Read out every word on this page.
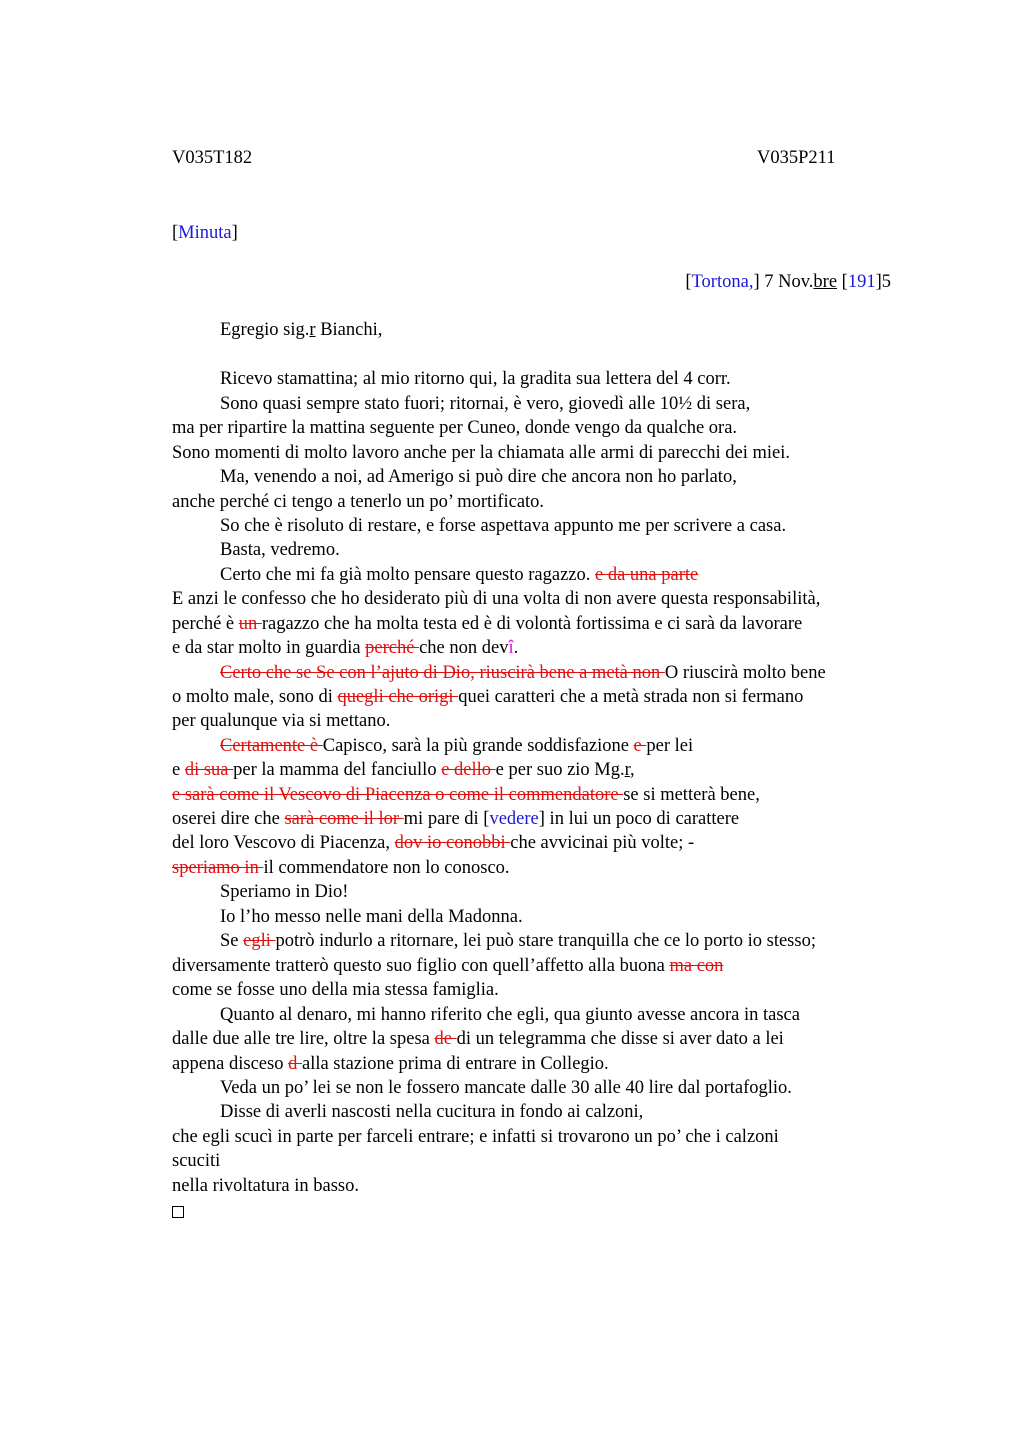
V035T182	V035P211
[Minuta]
[Tortona,] 7 Nov.bre [191]5
Egregio sig.r Bianchi,
Ricevo stamattina; al mio ritorno qui, la gradita sua lettera del 4 corr.
Sono quasi sempre stato fuori; ritornai, è vero, giovedì alle 10½ di sera,
ma per ripartire la mattina seguente per Cuneo, donde vengo da qualche ora.
Sono momenti di molto lavoro anche per la chiamata alle armi di parecchi dei miei.
Ma, venendo a noi, ad Amerigo si può dire che ancora non ho parlato,
anche perché ci tengo a tenerlo un po’ mortificato.
So che è risoluto di restare, e forse aspettava appunto me per scrivere a casa.
Basta, vedremo.
Certo che mi fa già molto pensare questo ragazzo. e da una parte
E anzi le confesso che ho desiderato più di una volta di non avere questa responsabilità,
perché è un ragazzo che ha molta testa ed è di volontà fortissima e ci sarà da lavorare
e da star molto in guardia perché che non devî.
Certo che se Se con l’ajuto di Dio, riuscirà bene a metà non O riuscirà molto bene
o molto male, sono di quegli che origi quei caratteri che a metà strada non si fermano
per qualunque via si mettano.
Certamente è Capisco, sarà la più grande soddisfazione e per lei
e di sua per la mamma del fanciullo e dello e per suo zio Mg.r,
e sarà come il Vescovo di Piacenza o come il commendatore se si metterà bene,
oserei dire che sarà come il lor mi pare di [vedere] in lui un poco di carattere
del loro Vescovo di Piacenza, dov io conobbi che avvicinai più volte; -
speriamo in il commendatore non lo conosco.
Speriamo in Dio!
Io l’ho messo nelle mani della Madonna.
Se egli potrò indurlo a ritornare, lei può stare tranquilla che ce lo porto io stesso;
diversamente tratterò questo suo figlio con quell’affetto alla buona ma con
come se fosse uno della mia stessa famiglia.
Quanto al denaro, mi hanno riferito che egli, qua giunto avesse ancora in tasca
dalle due alle tre lire, oltre la spesa de di un telegramma che disse si aver dato a lei
appena disceso d alla stazione prima di entrare in Collegio.
Veda un po’ lei se non le fossero mancate dalle 30 alle 40 lire dal portafoglio.
Disse di averli nascosti nella cucitura in fondo ai calzoni,
che egli scucì in parte per farceli entrare; e infatti si trovarono un po’ che i calzoni
scuciti
nella rivoltatura in basso.
